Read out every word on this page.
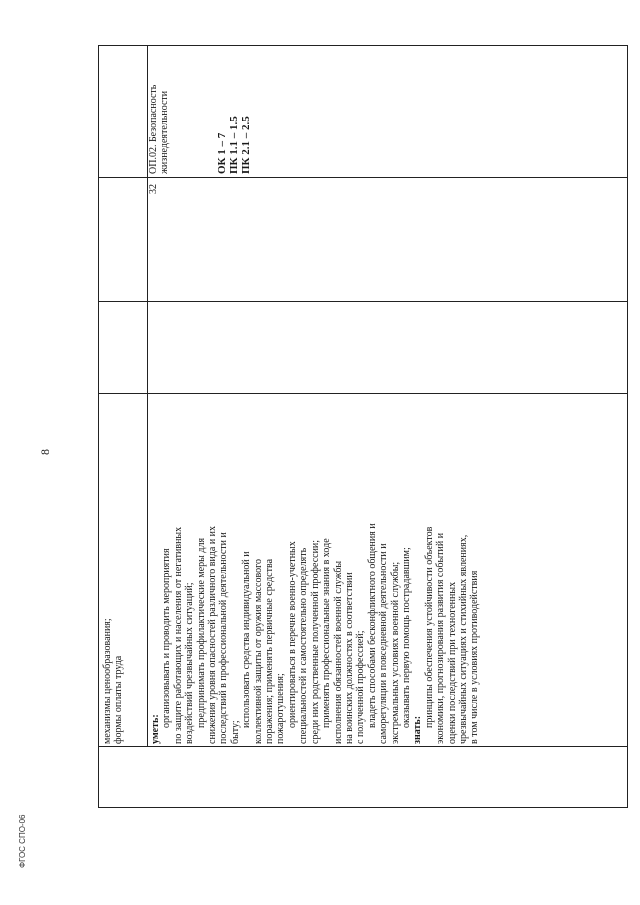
8
механизмы ценообразования; формы оплаты труда	уметь:
организовывать и проводить мероприятия по защите работающих и населения от негативных воздействий чрезвычайных ситуаций; предпринимать профилактические меры для снижения уровня опасностей различного вида и их последствий в профессиональной деятельности и быту;
использовать средства индивидуальной и коллективной защиты от оружия массового поражения; применять первичные средства пожаротушения; ориентироваться в перечне военно-учетных специальностей и самостоятельно определять среди них родственные полученной профессии; применять профессиональные знания в ходе исполнения обязанностей военной службы на воинских должностях в соответствии с полученной профессией; владеть способами бесконфликтного общения и саморегуляции в повседневной деятельности и экстремальных условиях военной службы; оказывать первую помощь пострадавшим;
знать:
принципы обеспечения устойчивости объектов экономики, прогнозирования развития событий и оценки последствий при техногенных чрезвычайных ситуациях и стихийных явлениях, в том числе в условиях противодействия
32
ОП.02. Безопасность жизнедеятельности	ОК 1 – 7 ПК 1.1 – 1.5 ПК 2.1 – 2.5
ФГОС СПО-06
